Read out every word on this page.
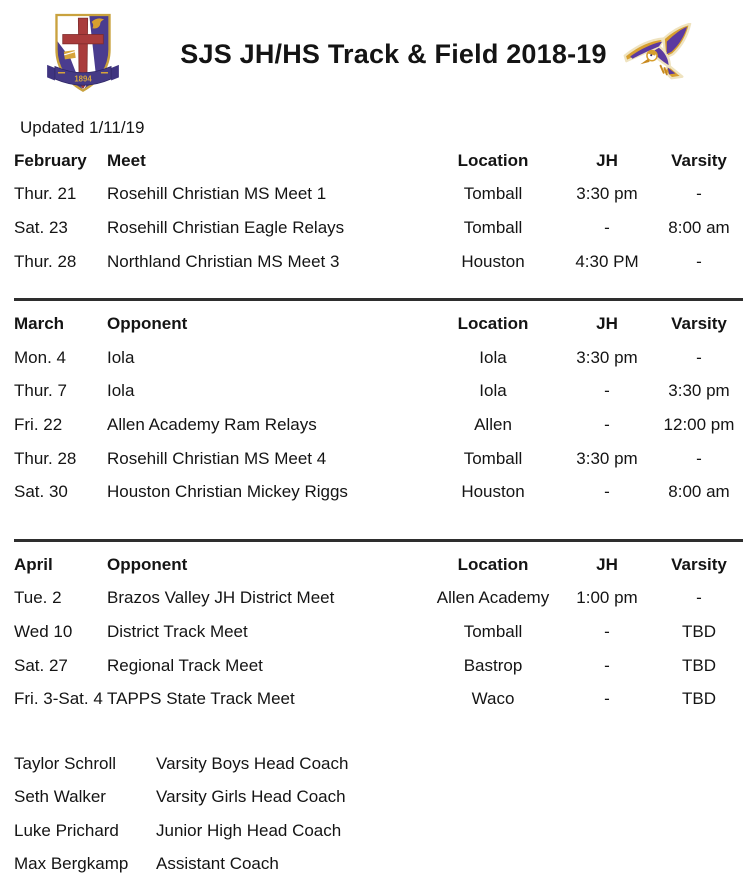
1894
SJS JH/HS Track & Field 2018-19
Updated 1/11/19
February	Meet	Location	JH	Varsity
Thur. 21	Rosehill Christian MS Meet 1	Tomball	3:30 pm	-
Sat. 23	Rosehill Christian Eagle Relays	Tomball	-	8:00 am
Thur. 28	Northland Christian MS Meet 3	Houston	4:30 PM	-
March	Opponent	Location	JH	Varsity
Mon. 4	Iola	Iola	3:30 pm	-
Thur. 7	Iola	Iola	-	3:30 pm
Fri. 22	Allen Academy Ram Relays	Allen	-	12:00 pm
Thur. 28	Rosehill Christian MS Meet 4	Tomball	3:30 pm	-
Sat. 30	Houston Christian Mickey Riggs	Houston	-	8:00 am
April	Opponent	Location	JH	Varsity
Tue. 2	Brazos Valley JH District Meet	Allen Academy	1:00 pm	-
Wed 10	District Track Meet	Tomball	-	TBD
Sat. 27	Regional Track Meet	Bastrop	-	TBD
Fri. 3-Sat. 4 TAPPS State Track Meet	Waco	-	TBD
Taylor Schroll	Varsity Boys Head Coach
Seth Walker	Varsity Girls Head Coach
Luke Prichard	Junior High Head Coach
Max Bergkamp	Assistant Coach
